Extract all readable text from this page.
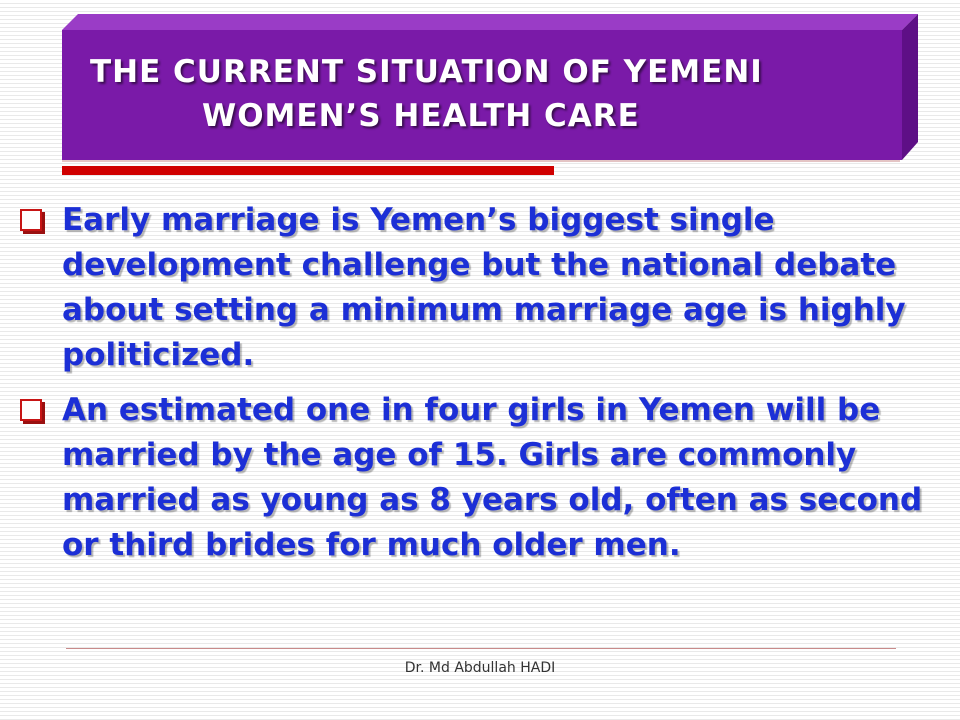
THE CURRENT SITUATION OF YEMENI
WOMEN’S HEALTH CARE
Early marriage is Yemen’s biggest single development challenge but the national debate about setting a minimum marriage age is highly politicized.
An estimated one in four girls in Yemen will be married by the age of 15. Girls are commonly married as young as 8 years old, often as second or third brides for much older men.
Dr. Md Abdullah HADI
